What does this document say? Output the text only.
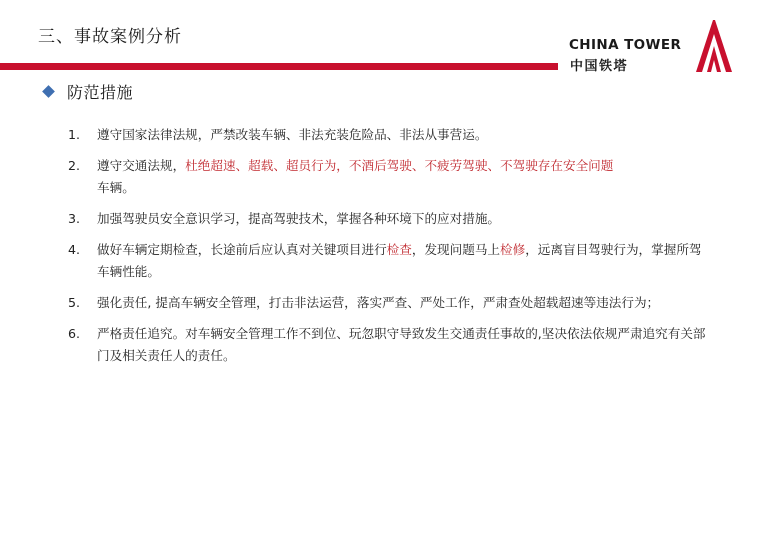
三、事故案例分析	CHINA TOWER
中国铁塔
防范措施
1. 遵守国家法律法规，严禁改装车辆、非法充装危险品、非法从事营运。
2. 遵守交通法规，杜绝超速、超载、超员行为，不酒后驾驶、不疲劳驾驶、不驾驶存在安全问题
车辆。
3. 加强驾驶员安全意识学习，提高驾驶技术，掌握各种环境下的应对措施。
4. 做好车辆定期检查，长途前后应认真对关键项目进行检查，发现问题马上检修，远离盲目驾驶行为，掌握所驾车辆性能。
5. 强化责任, 提高车辆安全管理，打击非法运营，落实严查、严处工作，严肃查处超载超速等违法行为；
6. 严格责任追究。对车辆安全管理工作不到位、玩忽职守导致发生交通责任事故的,坚决依法依规严肃追究有关部门及相关责任人的责任。
